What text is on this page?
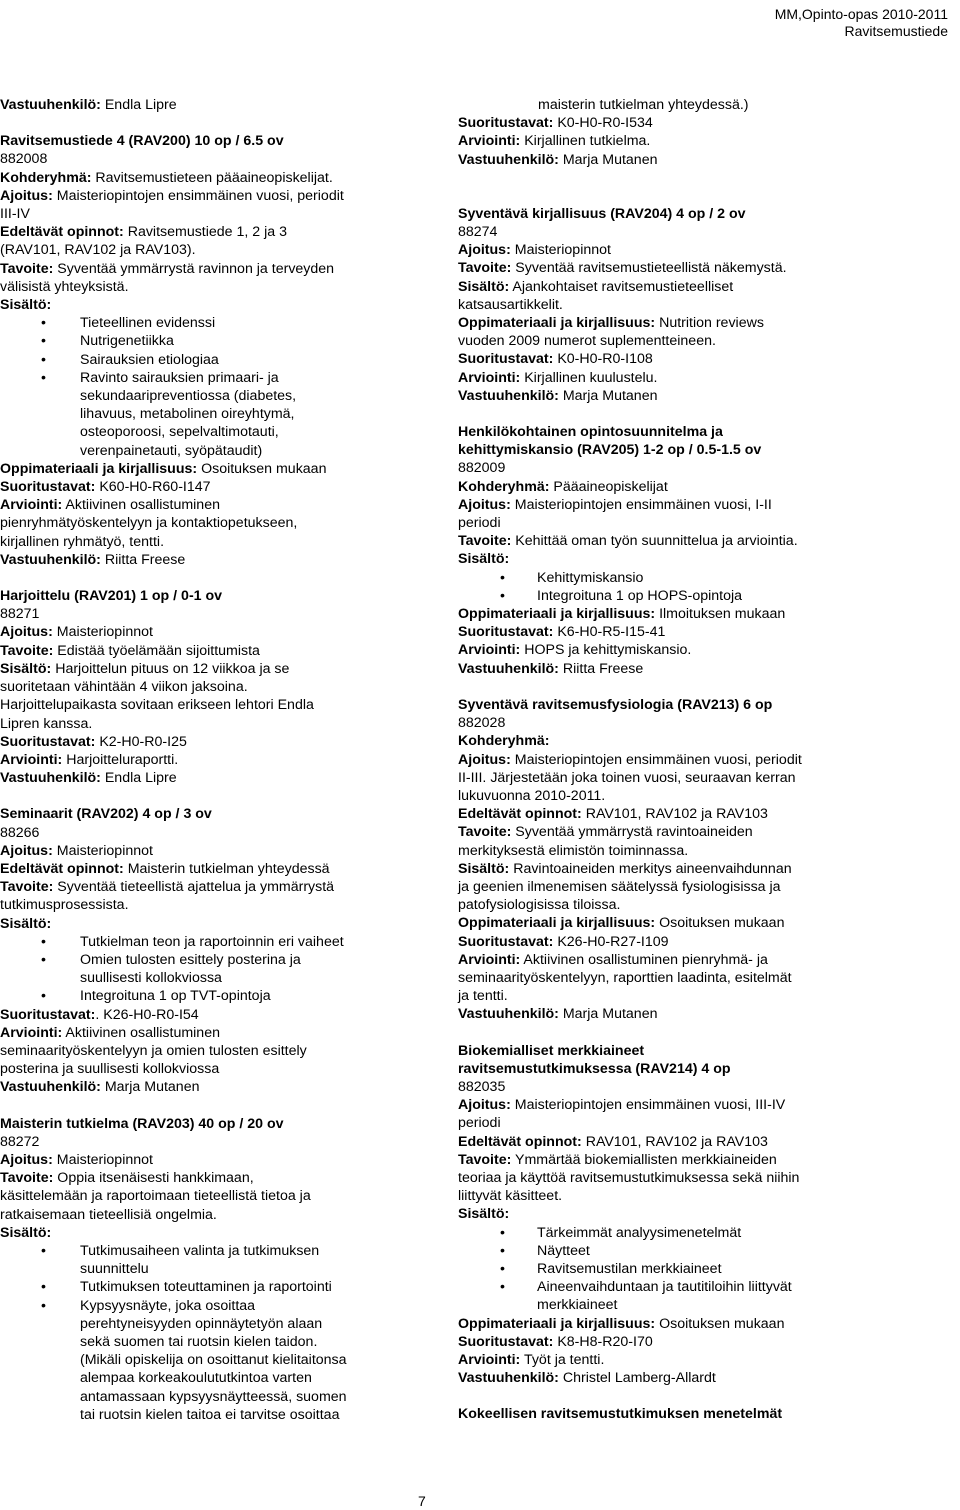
MM,Opinto-opas 2010-2011
Ravitsemustiede

Vastuuhenkilö: Endla Lipre

Ravitsemustiede 4 (RAV200) 10 op / 6.5 ov

882008

Kohderyhmä: Ravitsemustieteen pääaineopiskelijat.

Ajoitus: Maisteriopintojen ensimmäinen vuosi, periodit

III-IV

Edeltävät opinnot: Ravitsemustiede 1, 2 ja 3

(RAV101, RAV102 ja RAV103).

Tavoite: Syventää ymmärrystä ravinnon ja terveyden

välisistä yhteyksistä.

Sisältö:

• Tieteellinen evidenssi
• Nutrigenetiikka
• Sairauksien etiologiaa
• Ravinto sairauksien primaari- ja
sekundaaripreventiossa (diabetes,
lihavuus, metabolinen oireyhtymä,
osteoporoosi, sepelvaltimotauti,
verenpainetauti, syöpätaudit)

Oppimateriaali ja kirjallisuus: Osoituksen mukaan

Suoritustavat: K60-H0-R60-I147

Arviointi: Aktiivinen osallistuminen

pienryhmätyöskentelyyn ja kontaktiopetukseen,

kirjallinen ryhmätyö, tentti.

Vastuuhenkilö: Riitta Freese

Harjoittelu (RAV201) 1 op / 0-1 ov

88271

Ajoitus: Maisteriopinnot

Tavoite: Edistää työelämään sijoittumista

Sisältö: Harjoittelun pituus on 12 viikkoa ja se

suoritetaan vähintään 4 viikon jaksoina.

Harjoittelupaikasta sovitaan erikseen lehtori Endla

Lipren kanssa.

Suoritustavat: K2-H0-R0-I25

Arviointi: Harjoitteluraportti.

Vastuuhenkilö: Endla Lipre

Seminaarit (RAV202) 4 op / 3 ov

88266

Ajoitus: Maisteriopinnot

Edeltävät opinnot: Maisterin tutkielman yhteydessä

Tavoite: Syventää tieteellistä ajattelua ja ymmärrystä

tutkimusprosessista.

Sisältö:

• Tutkielman teon ja raportoinnin eri vaiheet
• Omien tulosten esittely posterina ja
suullisesti kollokviossa
• Integroituna 1 op TVT-opintoja

Suoritustavat:. K26-H0-R0-I54

Arviointi: Aktiivinen osallistuminen

seminaarityöskentelyyn ja omien tulosten esittely

posterina ja suullisesti kollokviossa

Vastuuhenkilö: Marja Mutanen

Maisterin tutkielma (RAV203) 40 op / 20 ov

88272

Ajoitus: Maisteriopinnot

Tavoite: Oppia itsenäisesti hankkimaan,

käsittelemään ja raportoimaan tieteellistä tietoa ja

ratkaisemaan tieteellisiä ongelmia.

Sisältö:

• Tutkimusaiheen valinta ja tutkimuksen
suunnittelu
• Tutkimuksen toteuttaminen ja raportointi
• Kypsyysnäyte, joka osoittaa
perehtyneisyyden opinnäytetyön alaan
sekä suomen tai ruotsin kielen taidon.
(Mikäli opiskelija on osoittanut kielitaitonsa
alempaa korkeakoulututkintoa varten
antamassaan kypsyysnäytteessä, suomen
tai ruotsin kielen taitoa ei tarvitse osoittaa

maisterin tutkielman yhteydessä.)

Suoritustavat: K0-H0-R0-I534

Arviointi: Kirjallinen tutkielma.

Vastuuhenkilö: Marja Mutanen

Syventävä kirjallisuus (RAV204) 4 op / 2 ov

88274

Ajoitus: Maisteriopinnot

Tavoite: Syventää ravitsemustieteellistä näkemystä.

Sisältö: Ajankohtaiset ravitsemustieteelliset

katsausartikkelit.

Oppimateriaali ja kirjallisuus: Nutrition reviews

vuoden 2009 numerot suplementteineen.

Suoritustavat: K0-H0-R0-I108

Arviointi: Kirjallinen kuulustelu.

Vastuuhenkilö: Marja Mutanen

Henkilökohtainen opintosuunnitelma ja

kehittymiskansio (RAV205) 1-2 op / 0.5-1.5 ov

882009

Kohderyhmä: Pääaineopiskelijat

Ajoitus: Maisteriopintojen ensimmäinen vuosi, I-II

periodi

Tavoite: Kehittää oman työn suunnittelua ja arviointia.

Sisältö:

• Kehittymiskansio
• Integroituna 1 op HOPS-opintoja

Oppimateriaali ja kirjallisuus: Ilmoituksen mukaan

Suoritustavat: K6-H0-R5-I15-41

Arviointi: HOPS ja kehittymiskansio.

Vastuuhenkilö: Riitta Freese

Syventävä ravitsemusfysiologia (RAV213) 6 op

882028

Kohderyhmä:

Ajoitus: Maisteriopintojen ensimmäinen vuosi, periodit

II-III. Järjestetään joka toinen vuosi, seuraavan kerran

lukuvuonna 2010-2011.

Edeltävät opinnot: RAV101, RAV102 ja RAV103

Tavoite: Syventää ymmärrystä ravintoaineiden

merkityksestä elimistön toiminnassa.

Sisältö: Ravintoaineiden merkitys aineenvaihdunnan

ja geenien ilmenemisen säätelyssä fysiologisissa ja

patofysiologisissa tiloissa.

Oppimateriaali ja kirjallisuus: Osoituksen mukaan

Suoritustavat: K26-H0-R27-I109

Arviointi: Aktiivinen osallistuminen pienryhmä- ja

seminaarityöskentelyyn, raporttien laadinta, esitelmät

ja tentti.

Vastuuhenkilö: Marja Mutanen

Biokemialliset merkkiaineet

ravitsemustutkimuksessa (RAV214) 4 op

882035

Ajoitus: Maisteriopintojen ensimmäinen vuosi, III-IV

periodi

Edeltävät opinnot: RAV101, RAV102 ja RAV103

Tavoite: Ymmärtää biokemiallisten merkkiaineiden

teoriaa ja käyttöä ravitsemustutkimuksessa sekä niihin

liittyvät käsitteet.

Sisältö:

• Tärkeimmät analyysimenetelmät
• Näytteet
• Ravitsemustilan merkkiaineet
• Aineenvaihduntaan ja tautitiloihin liittyvät
merkkiaineet

Oppimateriaali ja kirjallisuus: Osoituksen mukaan

Suoritustavat: K8-H8-R20-I70

Arviointi: Työt ja tentti.

Vastuuhenkilö: Christel Lamberg-Allardt

Kokeellisen ravitsemustutkimuksen menetelmät

7
